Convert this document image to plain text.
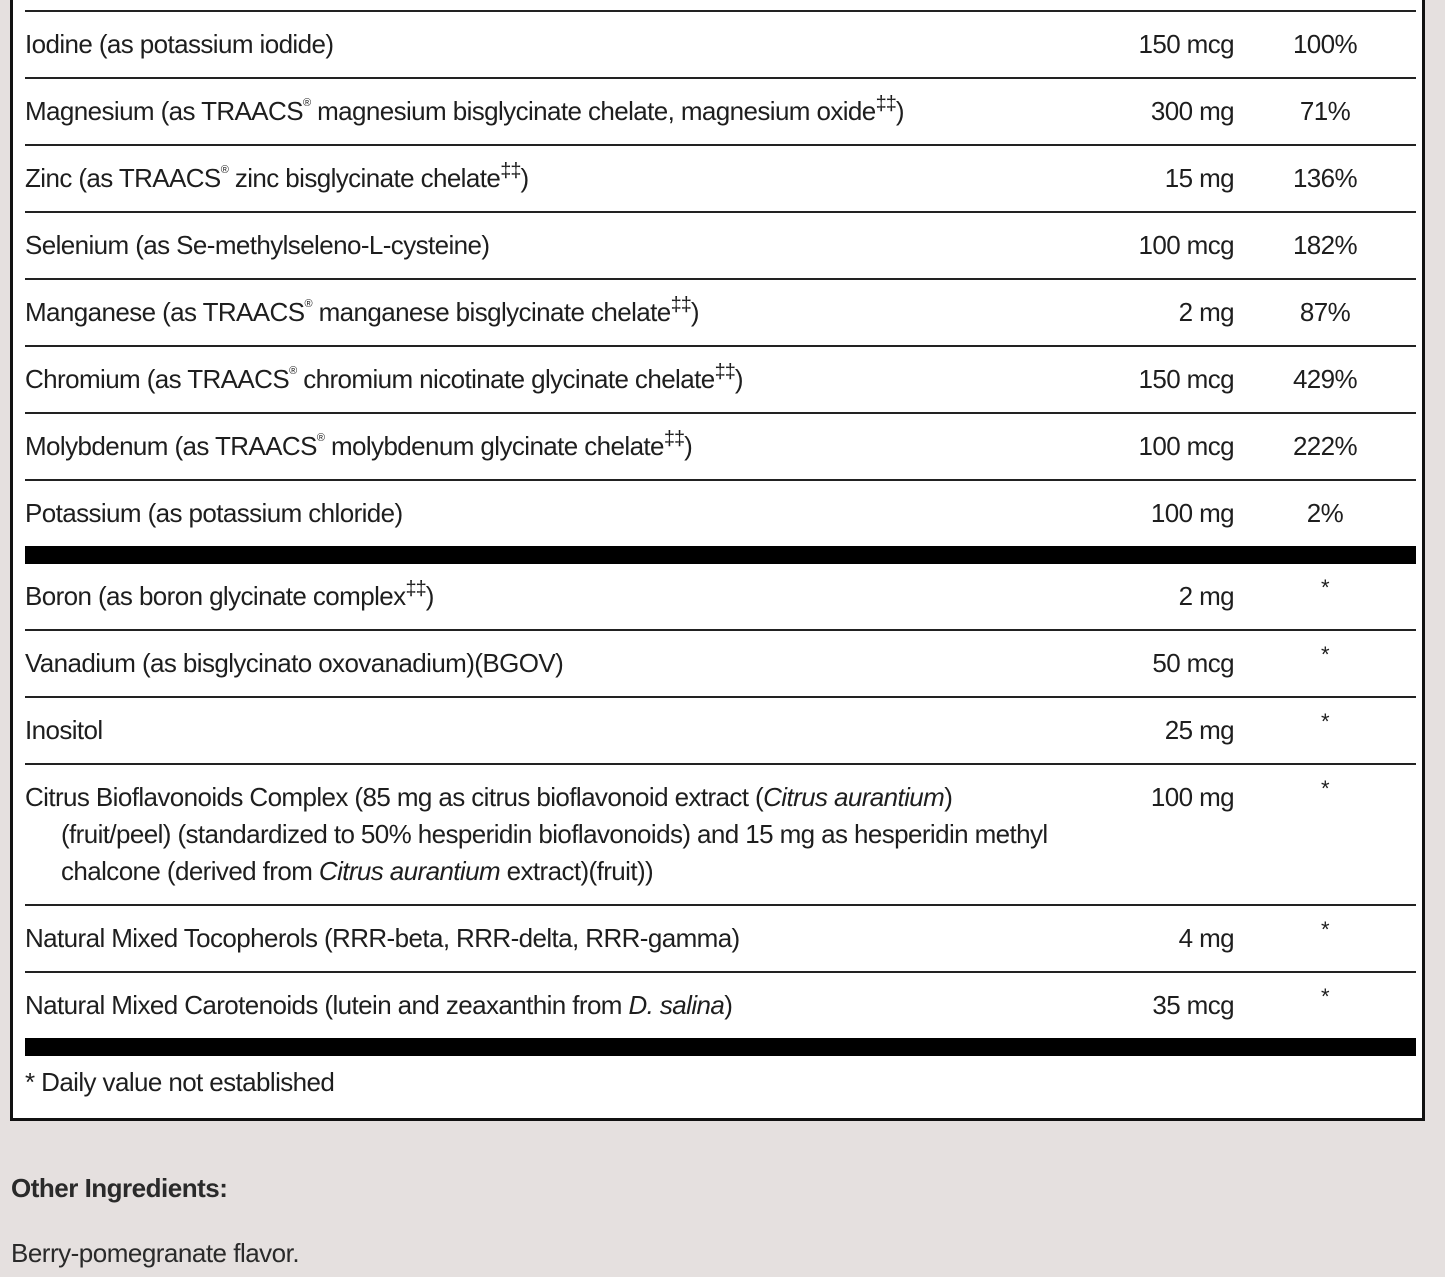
Iodine (as potassium iodide)	150 mcg	100%
Magnesium (as TRAACS® magnesium bisglycinate chelate, magnesium oxide‡‡)	300 mg	71%
Zinc (as TRAACS® zinc bisglycinate chelate‡‡)	15 mg	136%
Selenium (as Se-methylseleno-L-cysteine)	100 mcg	182%
Manganese (as TRAACS® manganese bisglycinate chelate‡‡)	2 mg	87%
Chromium (as TRAACS® chromium nicotinate glycinate chelate‡‡)	150 mcg	429%
Molybdenum (as TRAACS® molybdenum glycinate chelate‡‡)	100 mcg	222%
Potassium (as potassium chloride)	100 mg	2%

Boron (as boron glycinate complex‡‡)	2 mg	*
Vanadium (as bisglycinato oxovanadium)(BGOV)	50 mcg	*
Inositol	25 mg	*

Citrus Bioflavonoids Complex (85 mg as citrus bioflavonoid extract (Citrus aurantium) (fruit/peel) (standardized to 50% hesperidin bioflavonoids) and 15 mg as hesperidin methyl chalcone (derived from Citrus aurantium extract)(fruit))	100 mg	*
Natural Mixed Tocopherols (RRR-beta, RRR-delta, RRR-gamma)	4 mg	*
Natural Mixed Carotenoids (lutein and zeaxanthin from D. salina)	35 mcg	*

* Daily value not established		
Other Ingredients:
Berry-pomegranate flavor.
